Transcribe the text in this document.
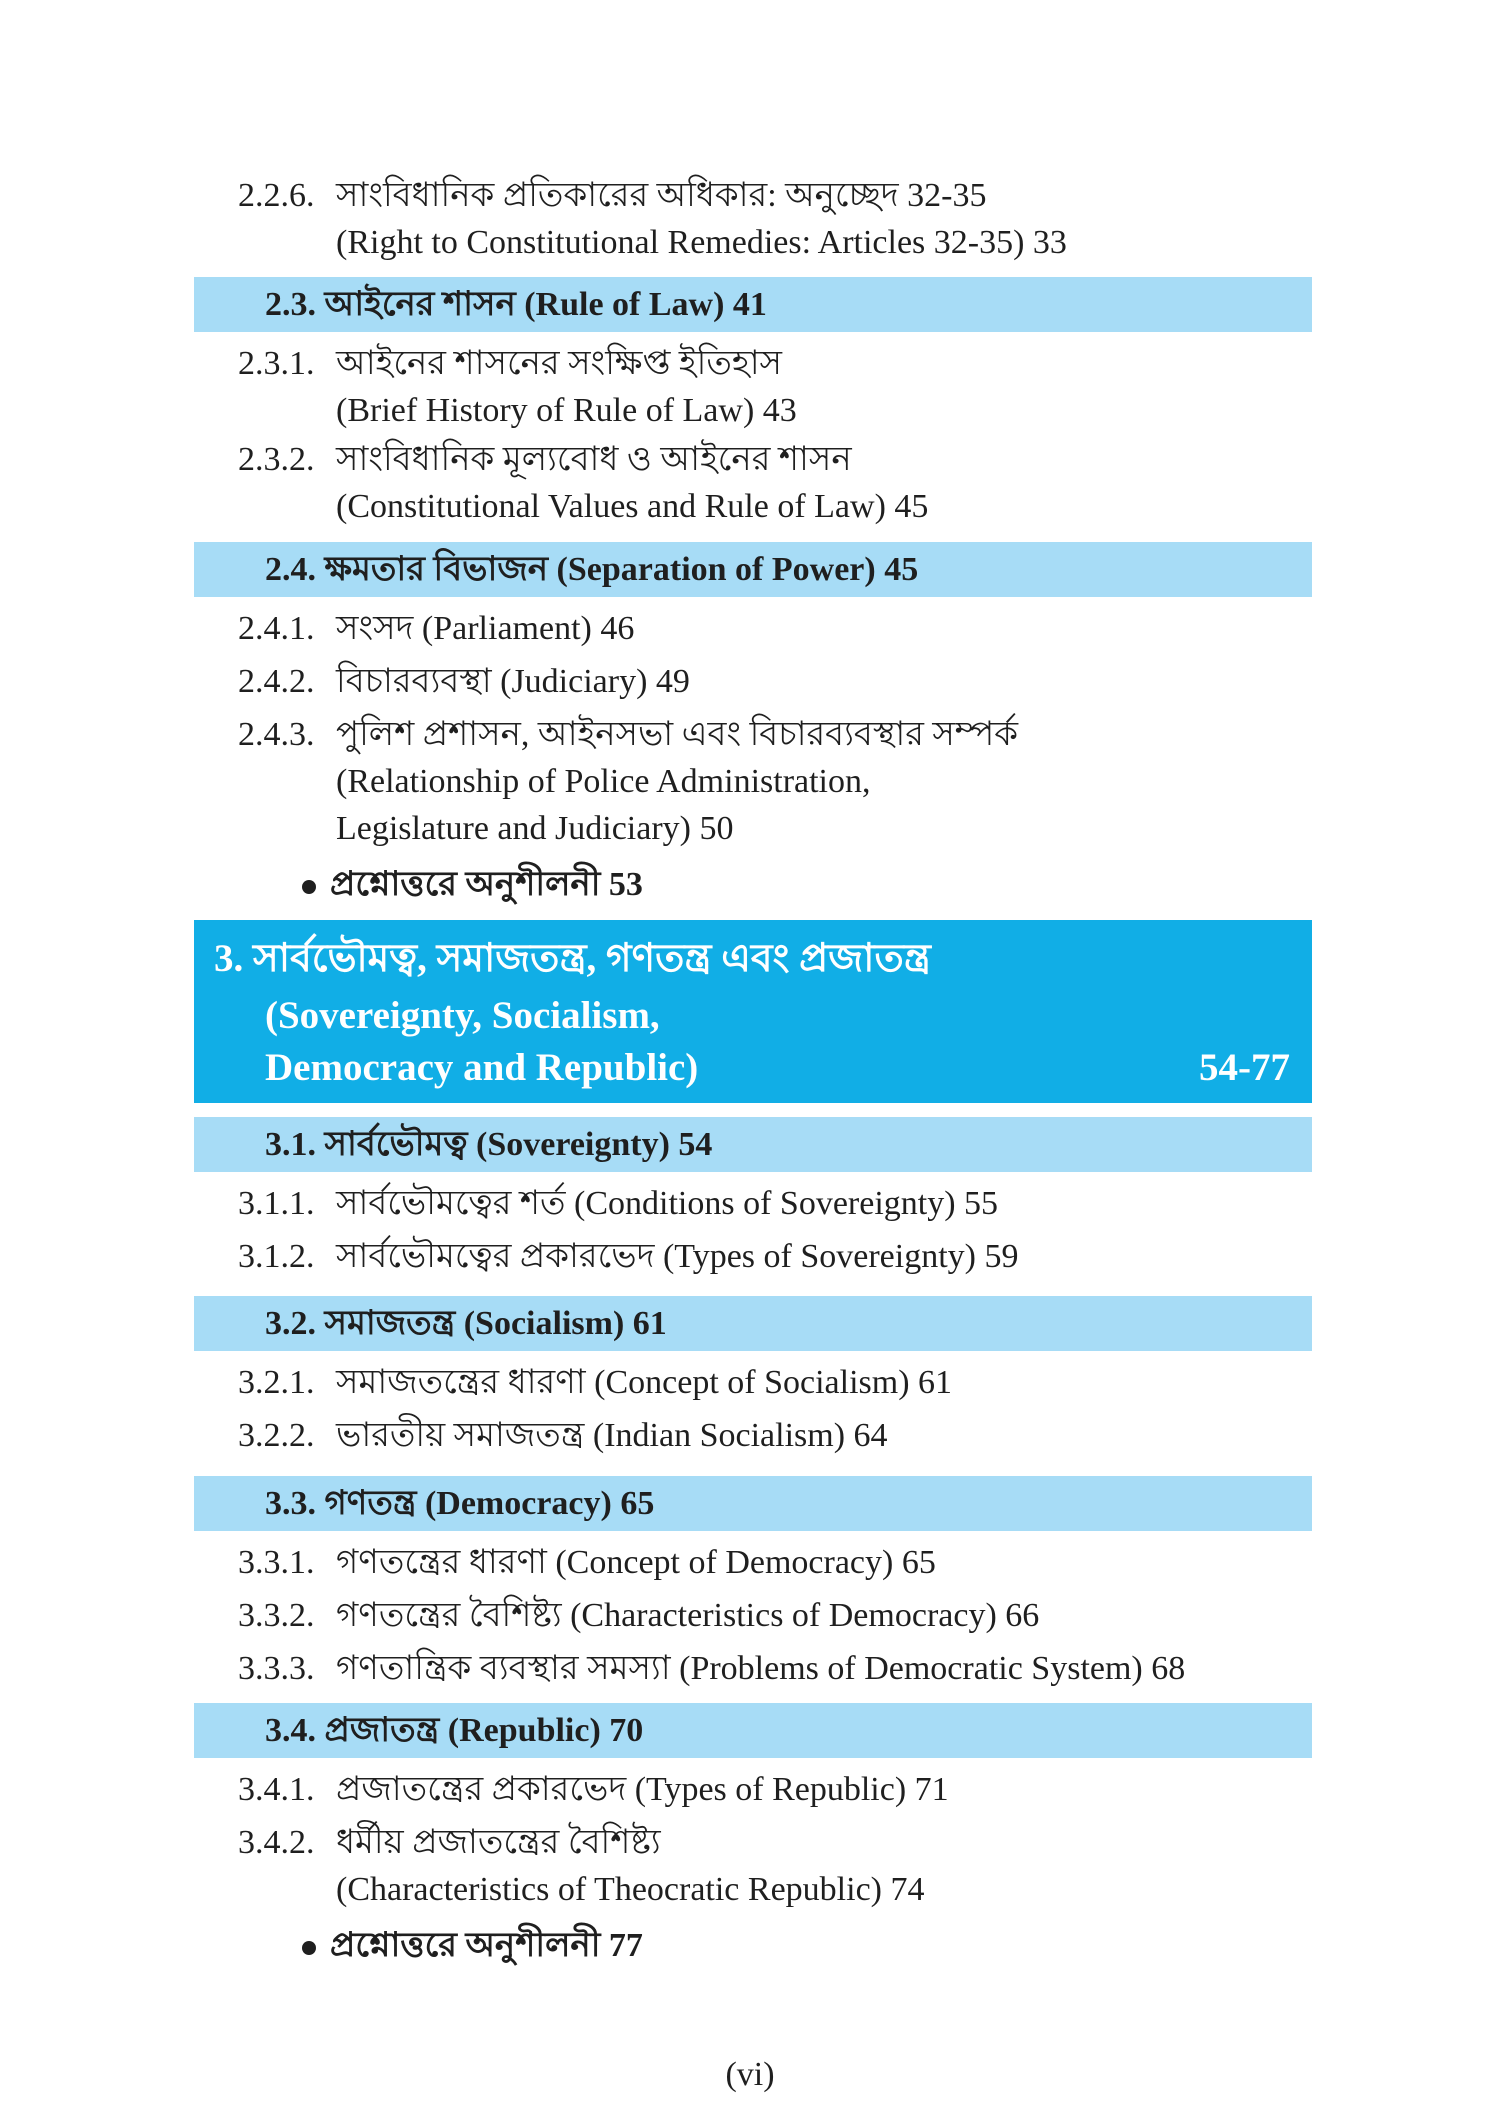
2.2.6. সাংবিধানিক প্রতিকারের অধিকার: অনুচ্ছেদ 32-35
(Right to Constitutional Remedies: Articles 32-35) 33
2.3. আইনের শাসন (Rule of Law) 41
2.3.1. আইনের শাসনের সংক্ষিপ্ত ইতিহাস
(Brief History of Rule of Law) 43
2.3.2. সাংবিধানিক মূল্যবোধ ও আইনের শাসন
(Constitutional Values and Rule of Law) 45
2.4. ক্ষমতার বিভাজন (Separation of Power) 45
2.4.1. সংসদ (Parliament) 46
2.4.2. বিচারব্যবস্থা (Judiciary) 49
2.4.3. পুলিশ প্রশাসন, আইনসভা এবং বিচারব্যবস্থার সম্পর্ক
(Relationship of Police Administration,
Legislature and Judiciary) 50
প্রশ্নোত্তরে অনুশীলনী 53
3. সার্বভৌমত্ব, সমাজতন্ত্র, গণতন্ত্র এবং প্রজাতন্ত্র
(Sovereignty, Socialism,
Democracy and Republic)	54-77
3.1. সার্বভৌমত্ব (Sovereignty) 54
3.1.1. সার্বভৌমত্বের শর্ত (Conditions of Sovereignty) 55
3.1.2. সার্বভৌমত্বের প্রকারভেদ (Types of Sovereignty) 59
3.2. সমাজতন্ত্র (Socialism) 61
3.2.1. সমাজতন্ত্রের ধারণা (Concept of Socialism) 61
3.2.2. ভারতীয় সমাজতন্ত্র (Indian Socialism) 64
3.3. গণতন্ত্র (Democracy) 65
3.3.1. গণতন্ত্রের ধারণা (Concept of Democracy) 65
3.3.2. গণতন্ত্রের বৈশিষ্ট্য (Characteristics of Democracy) 66
3.3.3. গণতান্ত্রিক ব্যবস্থার সমস্যা (Problems of Democratic System) 68
3.4. প্রজাতন্ত্র (Republic) 70
3.4.1. প্রজাতন্ত্রের প্রকারভেদ (Types of Republic) 71
3.4.2. ধর্মীয় প্রজাতন্ত্রের বৈশিষ্ট্য
(Characteristics of Theocratic Republic) 74
প্রশ্নোত্তরে অনুশীলনী 77
(vi)
